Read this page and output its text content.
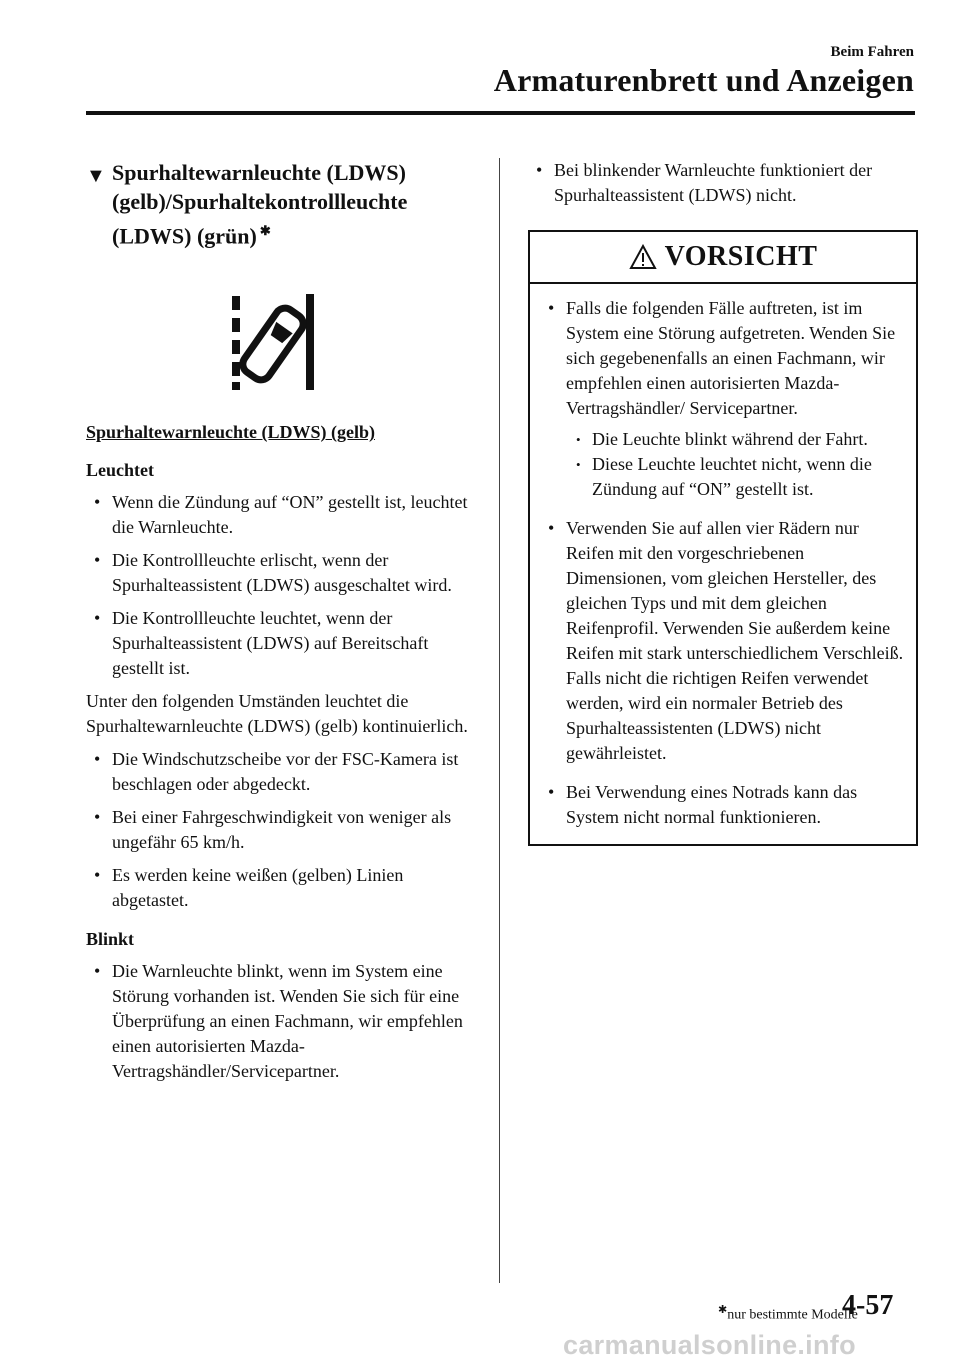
Beim Fahren
Armaturenbrett und Anzeigen
▼ Spurhaltewarnleuchte (LDWS)
(gelb)/Spurhaltekontrollleuchte
(LDWS) (grün) ✱
Spurhaltewarnleuchte (LDWS) (gelb)
Leuchtet
• Wenn die Zündung auf “ON” gestellt ist, leuchtet die Warnleuchte.
• Die Kontrollleuchte erlischt, wenn der Spurhalteassistent (LDWS) ausgeschaltet wird.
• Die Kontrollleuchte leuchtet, wenn der Spurhalteassistent (LDWS) auf Bereitschaft gestellt ist.
Unter den folgenden Umständen leuchtet die Spurhaltewarnleuchte (LDWS) (gelb) kontinuierlich.
• Die Windschutzscheibe vor der FSC-Kamera ist beschlagen oder abgedeckt.
• Bei einer Fahrgeschwindigkeit von weniger als ungefähr 65 km/h.
• Es werden keine weißen (gelben) Linien abgetastet.
Blinkt
• Die Warnleuchte blinkt, wenn im System eine Störung vorhanden ist. Wenden Sie sich für eine Überprüfung an einen Fachmann, wir empfehlen einen autorisierten Mazda-Vertragshändler/Servicepartner.
• Bei blinkender Warnleuchte funktioniert der Spurhalteassistent (LDWS) nicht.
VORSICHT
• Falls die folgenden Fälle auftreten, ist im System eine Störung aufgetreten. Wenden Sie sich gegebenenfalls an einen Fachmann, wir empfehlen einen autorisierten Mazda-Vertragshändler/ Servicepartner.
• Die Leuchte blinkt während der Fahrt.
• Diese Leuchte leuchtet nicht, wenn die Zündung auf “ON” gestellt ist.
• Verwenden Sie auf allen vier Rädern nur Reifen mit den vorgeschriebenen Dimensionen, vom gleichen Hersteller, des gleichen Typs und mit dem gleichen Reifenprofil. Verwenden Sie außerdem keine Reifen mit stark unterschiedlichem Verschleiß. Falls nicht die richtigen Reifen verwendet werden, wird ein normaler Betrieb des Spurhalteassistenten (LDWS) nicht gewährleistet.
• Bei Verwendung eines Notrads kann das System nicht normal funktionieren.
✱nur bestimmte Modelle
4-57
carmanualsonline.info
